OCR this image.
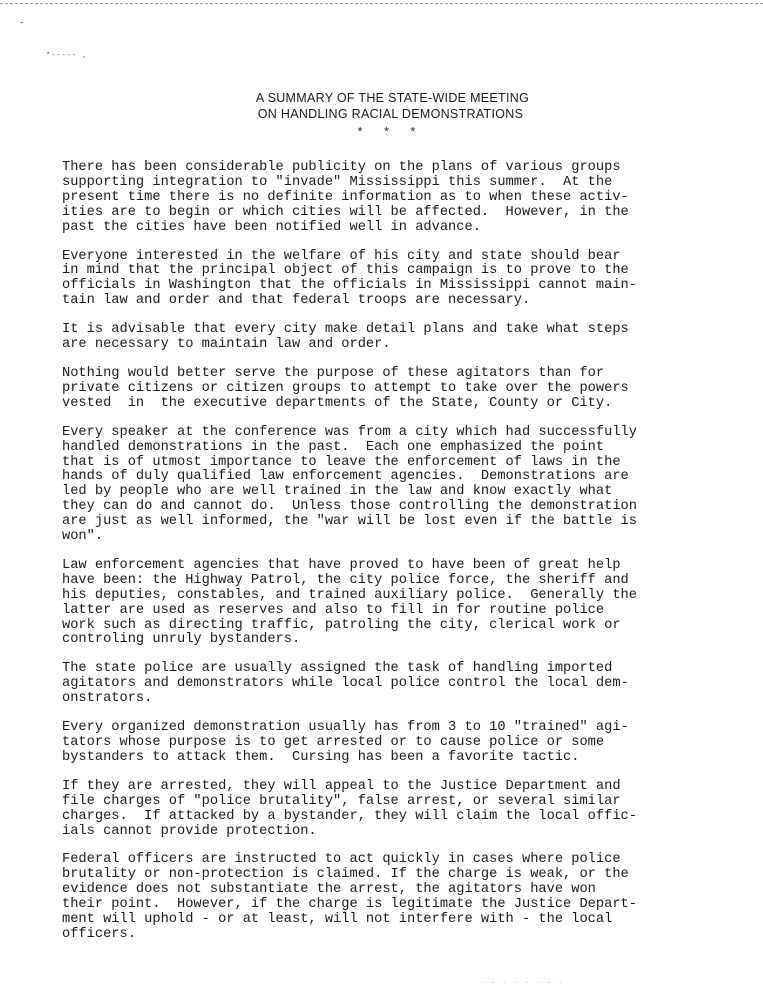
*----- ,
A SUMMARY OF THE STATE-WIDE MEETING
ON HANDLING RACIAL DEMONSTRATIONS
* * *

There has been considerable publicity on the plans of various groups
supporting integration to "invade" Mississippi this summer.  At the
present time there is no definite information as to when these activ-
ities are to begin or which cities will be affected.  However, in the
past the cities have been notified well in advance.

Everyone interested in the welfare of his city and state should bear
in mind that the principal object of this campaign is to prove to the
officials in Washington that the officials in Mississippi cannot main-
tain law and order and that federal troops are necessary.

It is advisable that every city make detail plans and take what steps
are necessary to maintain law and order.

Nothing would better serve the purpose of these agitators than for
private citizens or citizen groups to attempt to take over the powers
vested  in  the executive departments of the State, County or City.

Every speaker at the conference was from a city which had successfully
handled demonstrations in the past.  Each one emphasized the point
that is of utmost importance to leave the enforcement of laws in the
hands of duly qualified law enforcement agencies.  Demonstrations are
led by people who are well trained in the law and know exactly what
they can do and cannot do.  Unless those controlling the demonstration
are just as well informed, the "war will be lost even if the battle is
won".

Law enforcement agencies that have proved to have been of great help
have been: the Highway Patrol, the city police force, the sheriff and
his deputies, constables, and trained auxiliary police.  Generally the
latter are used as reserves and also to fill in for routine police
work such as directing traffic, patroling the city, clerical work or
controling unruly bystanders.

The state police are usually assigned the task of handling imported
agitators and demonstrators while local police control the local dem-
onstrators.

Every organized demonstration usually has from 3 to 10 "trained" agi-
tators whose purpose is to get arrested or to cause police or some
bystanders to attack them.  Cursing has been a favorite tactic.

If they are arrested, they will appeal to the Justice Department and
file charges of "police brutality", false arrest, or several similar
charges.  If attacked by a bystander, they will claim the local offic-
ials cannot provide protection.

Federal officers are instructed to act quickly in cases where police
brutality or non-protection is claimed. If the charge is weak, or the
evidence does not substantiate the arrest, the agitators have won
their point.  However, if the charge is legitimate the Justice Depart-
ment will uphold - or at least, will not interfere with - the local
officers.

. . . . . . . .
